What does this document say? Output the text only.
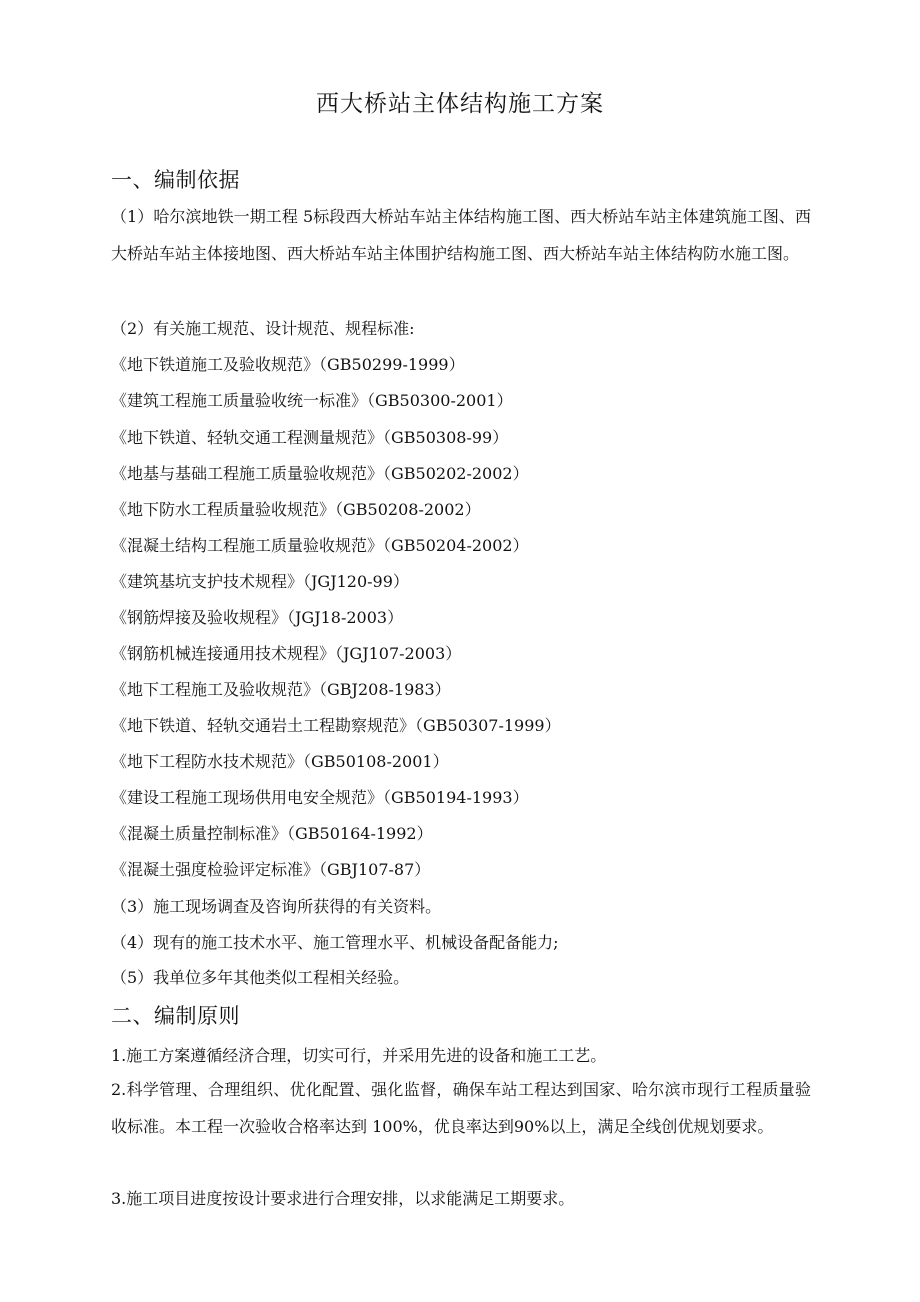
西大桥站主体结构施工方案
一、编制依据
（1）哈尔滨地铁一期工程 5标段西大桥站车站主体结构施工图、西大桥站车站主体建筑施工图、西大桥站车站主体接地图、西大桥站车站主体围护结构施工图、西大桥站车站主体结构防水施工图。
（2）有关施工规范、设计规范、规程标准:
《地下铁道施工及验收规范》（GB50299-1999）
《建筑工程施工质量验收统一标准》（GB50300-2001）
《地下铁道、轻轨交通工程测量规范》（GB50308-99）
《地基与基础工程施工质量验收规范》（GB50202-2002）
《地下防水工程质量验收规范》（GB50208-2002）
《混凝土结构工程施工质量验收规范》（GB50204-2002）
《建筑基坑支护技术规程》（JGJ120-99）
《钢筋焊接及验收规程》（JGJ18-2003）
《钢筋机械连接通用技术规程》（JGJ107-2003）
《地下工程施工及验收规范》（GBJ208-1983）
《地下铁道、轻轨交通岩土工程勘察规范》（GB50307-1999）
《地下工程防水技术规范》（GB50108-2001）
《建设工程施工现场供用电安全规范》（GB50194-1993）
《混凝土质量控制标准》（GB50164-1992）
《混凝土强度检验评定标准》（GBJ107-87）
（3）施工现场调查及咨询所获得的有关资料。
（4）现有的施工技术水平、施工管理水平、机械设备配备能力;
（5）我单位多年其他类似工程相关经验。
二、编制原则
1.施工方案遵循经济合理，切实可行，并采用先进的设备和施工工艺。
2.科学管理、合理组织、优化配置、强化监督，确保车站工程达到国家、哈尔滨市现行工程质量验收标准。本工程一次验收合格率达到 100%，优良率达到90%以上，满足全线创优规划要求。
3.施工项目进度按设计要求进行合理安排，以求能满足工期要求。
